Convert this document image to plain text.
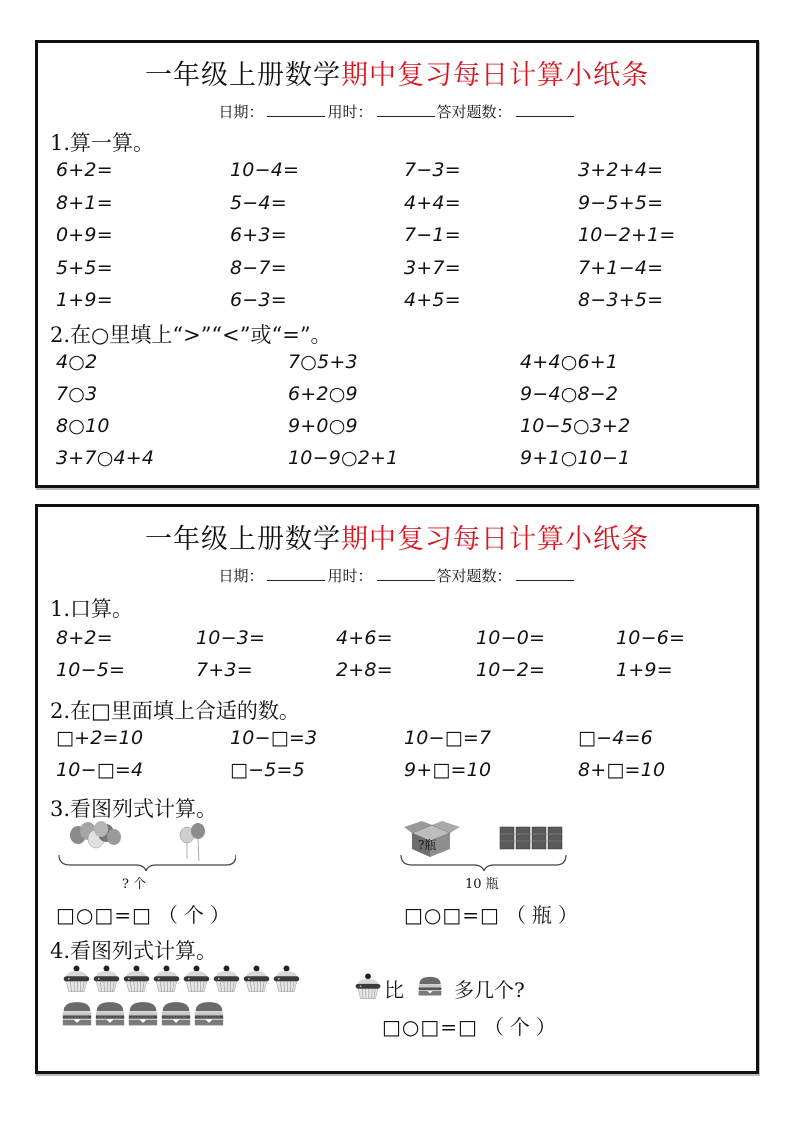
一年级上册数学期中复习每日计算小纸条
日期：	用时：	答对题数：
1.算一算。
6+2=	10−4=	7−3=	3+2+4=
8+1=	5−4=	4+4=	9−5+5=
0+9=	6+3=	7−1=	10−2+1=
5+5=	8−7=	3+7=	7+1−4=
1+9=	6−3=	4+5=	8−3+5=
2.在○里填上“>”“<”或“=”。
4○2	7○5+3	4+4○6+1
7○3	6+2○9	9−4○8−2
8○10	9+0○9	10−5○3+2
3+7○4+4	10−9○2+1	9+1○10−1
一年级上册数学期中复习每日计算小纸条
日期：	用时：	答对题数：
1.口算。
8+2=	10−3=	4+6=	10−0=	10−6=
10−5=	7+3=	2+8=	10−2=	1+9=
2.在□里面填上合适的数。
□+2=10	10−□=3	10−□=7	□−4=6
10−□=4	□−5=5	9+□=10	8+□=10
3.看图列式计算。
? 个
□○□=□ （个）
?瓶
10 瓶
□○□=□ （瓶）
4.看图列式计算。
比	多几个?
□○□=□ （个）
